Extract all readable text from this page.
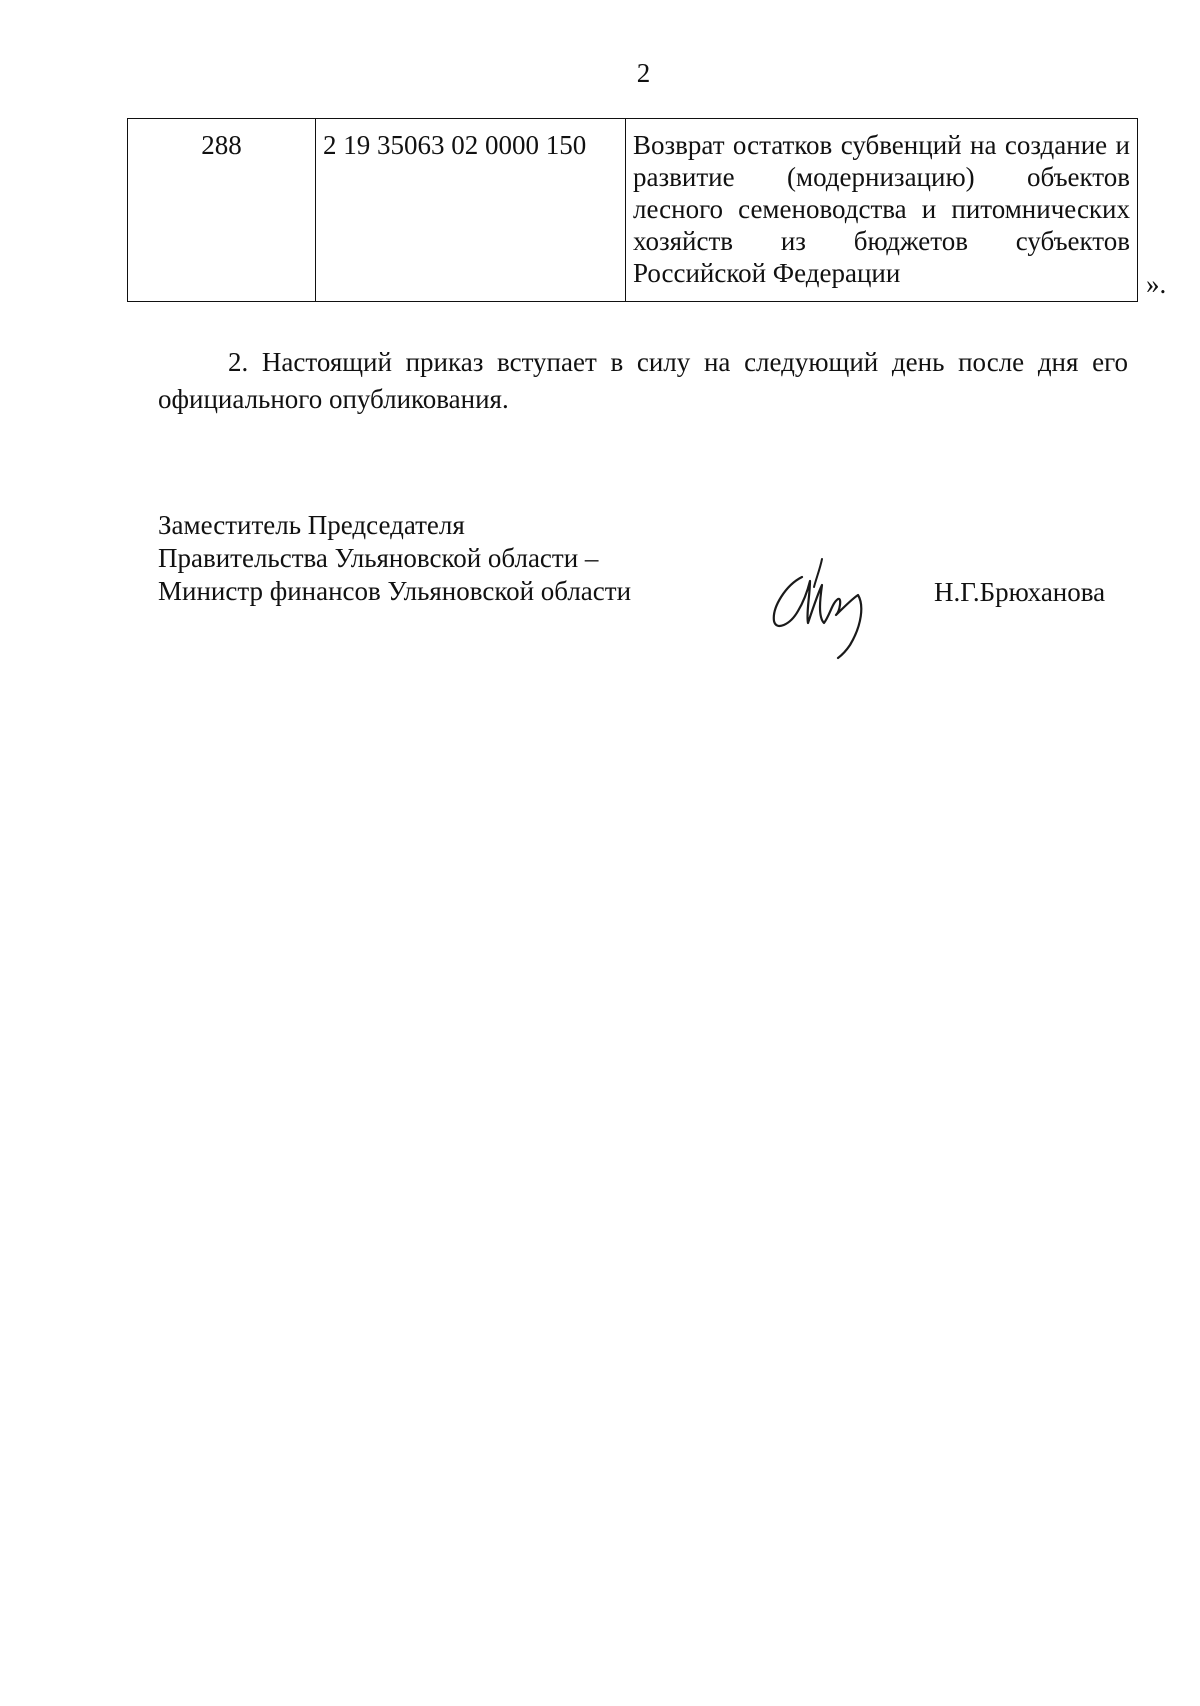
2
288	2 19 35063 02 0000 150	Возврат остатков субвенций на создание и развитие (модернизацию) объектов лесного семеноводства и питомнических хозяйств из бюджетов субъектов Российской Федерации	».

2. Настоящий приказ вступает в силу на следующий день после дня его официального опубликования.

Заместитель Председателя
Правительства Ульяновской области –
Министр финансов Ульяновской области	Н.Г.Брюханова
